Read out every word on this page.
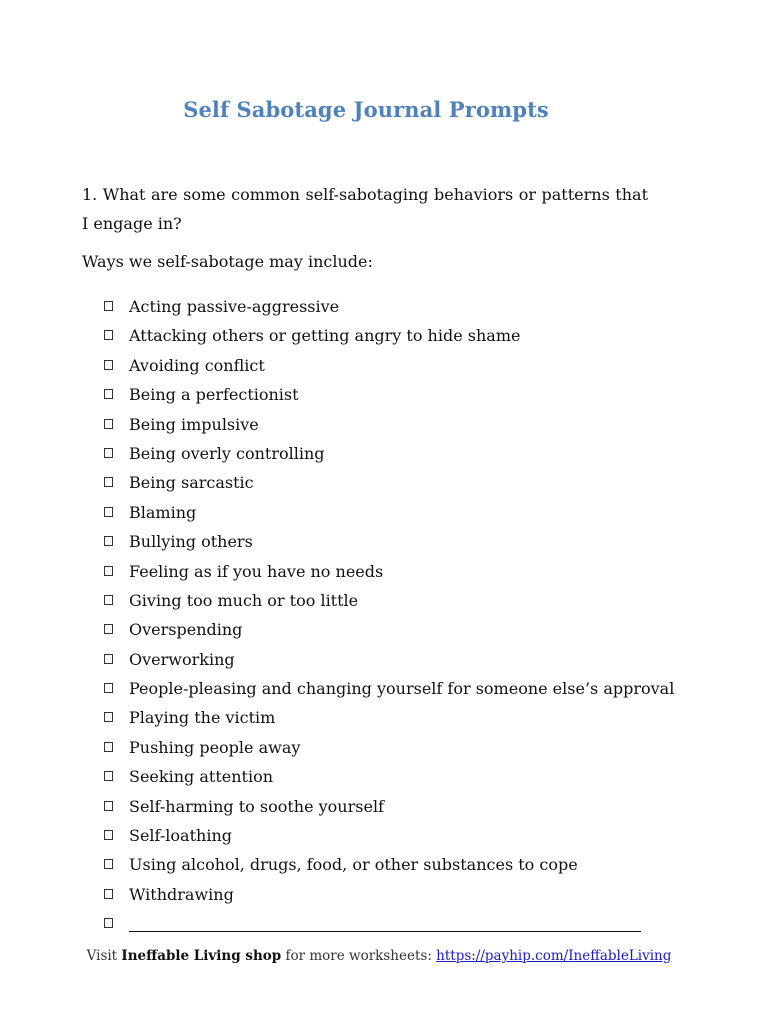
Self Sabotage Journal Prompts
1. What are some common self-sabotaging behaviors or patterns that I engage in?
Ways we self-sabotage may include:
Acting passive-aggressive
Attacking others or getting angry to hide shame
Avoiding conflict
Being a perfectionist
Being impulsive
Being overly controlling
Being sarcastic
Blaming
Bullying others
Feeling as if you have no needs
Giving too much or too little
Overspending
Overworking
People-pleasing and changing yourself for someone else’s approval
Playing the victim
Pushing people away
Seeking attention
Self-harming to soothe yourself
Self-loathing
Using alcohol, drugs, food, or other substances to cope
Withdrawing
Visit Ineffable Living shop for more worksheets: https://payhip.com/IneffableLiving
